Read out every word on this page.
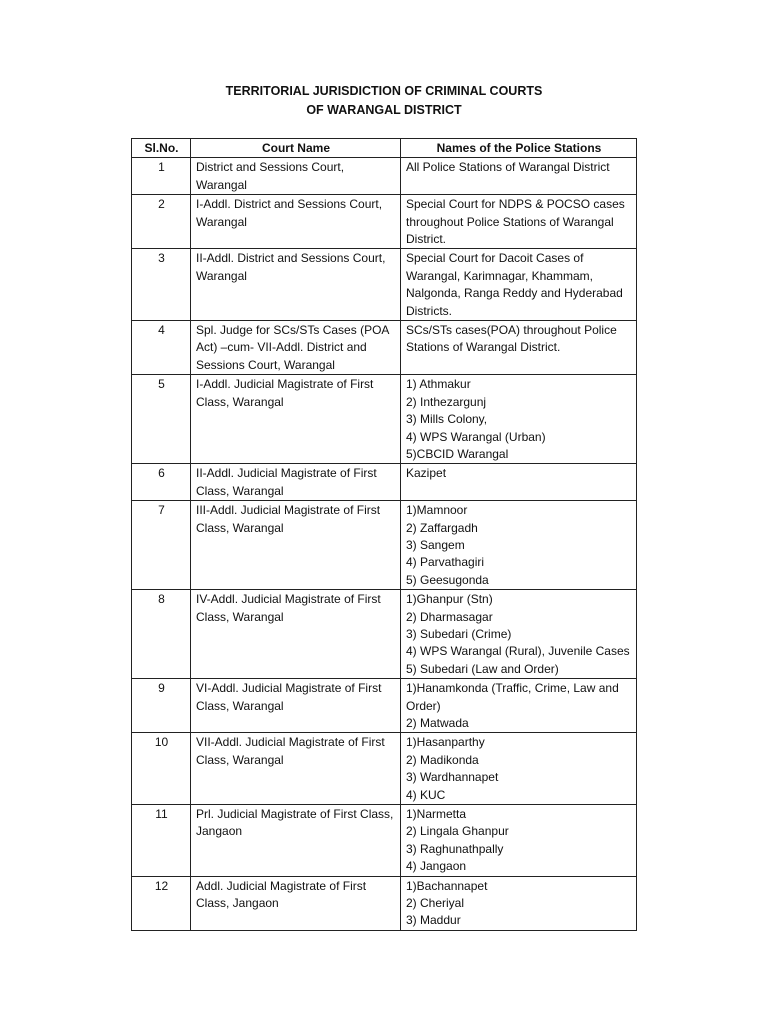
TERRITORIAL JURISDICTION OF CRIMINAL COURTS
OF WARANGAL DISTRICT
Sl.No.	Court Name	Names of the Police Stations
1	District and Sessions Court, Warangal	All Police Stations of Warangal District

2	I-Addl. District and Sessions Court, Warangal	Special Court for NDPS & POCSO cases throughout Police Stations of Warangal District.

3	II-Addl. District and Sessions Court, Warangal	Special Court for Dacoit Cases of Warangal, Karimnagar, Khammam, Nalgonda, Ranga Reddy and Hyderabad Districts.

4	Spl. Judge for SCs/STs Cases (POA Act) –cum- VII-Addl. District and Sessions Court, Warangal	SCs/STs cases(POA) throughout Police Stations of Warangal District.

5	I-Addl. Judicial Magistrate of First Class, Warangal	1) Athmakur
2) Inthezargunj
3) Mills Colony,
4) WPS Warangal (Urban)
5)CBCID Warangal

6	II-Addl. Judicial Magistrate of First Class, Warangal	Kazipet

7	III-Addl. Judicial Magistrate of First Class, Warangal	1)Mamnoor
2) Zaffargadh
3) Sangem
4) Parvathagiri
5) Geesugonda

8	IV-Addl. Judicial Magistrate of First Class, Warangal	1)Ghanpur (Stn)
2) Dharmasagar
3) Subedari (Crime)
4) WPS Warangal (Rural), Juvenile Cases
5) Subedari (Law and Order)

9	VI-Addl. Judicial Magistrate of First Class, Warangal	1)Hanamkonda (Traffic, Crime, Law and Order)
2) Matwada

10	VII-Addl. Judicial Magistrate of First Class, Warangal	1)Hasanparthy
2) Madikonda
3) Wardhannapet
4) KUC

11	Prl. Judicial Magistrate of First Class, Jangaon	1)Narmetta
2) Lingala Ghanpur
3) Raghunathpally
4) Jangaon

12	Addl. Judicial Magistrate of First Class, Jangaon	1)Bachannapet
2) Cheriyal
3) Maddur
